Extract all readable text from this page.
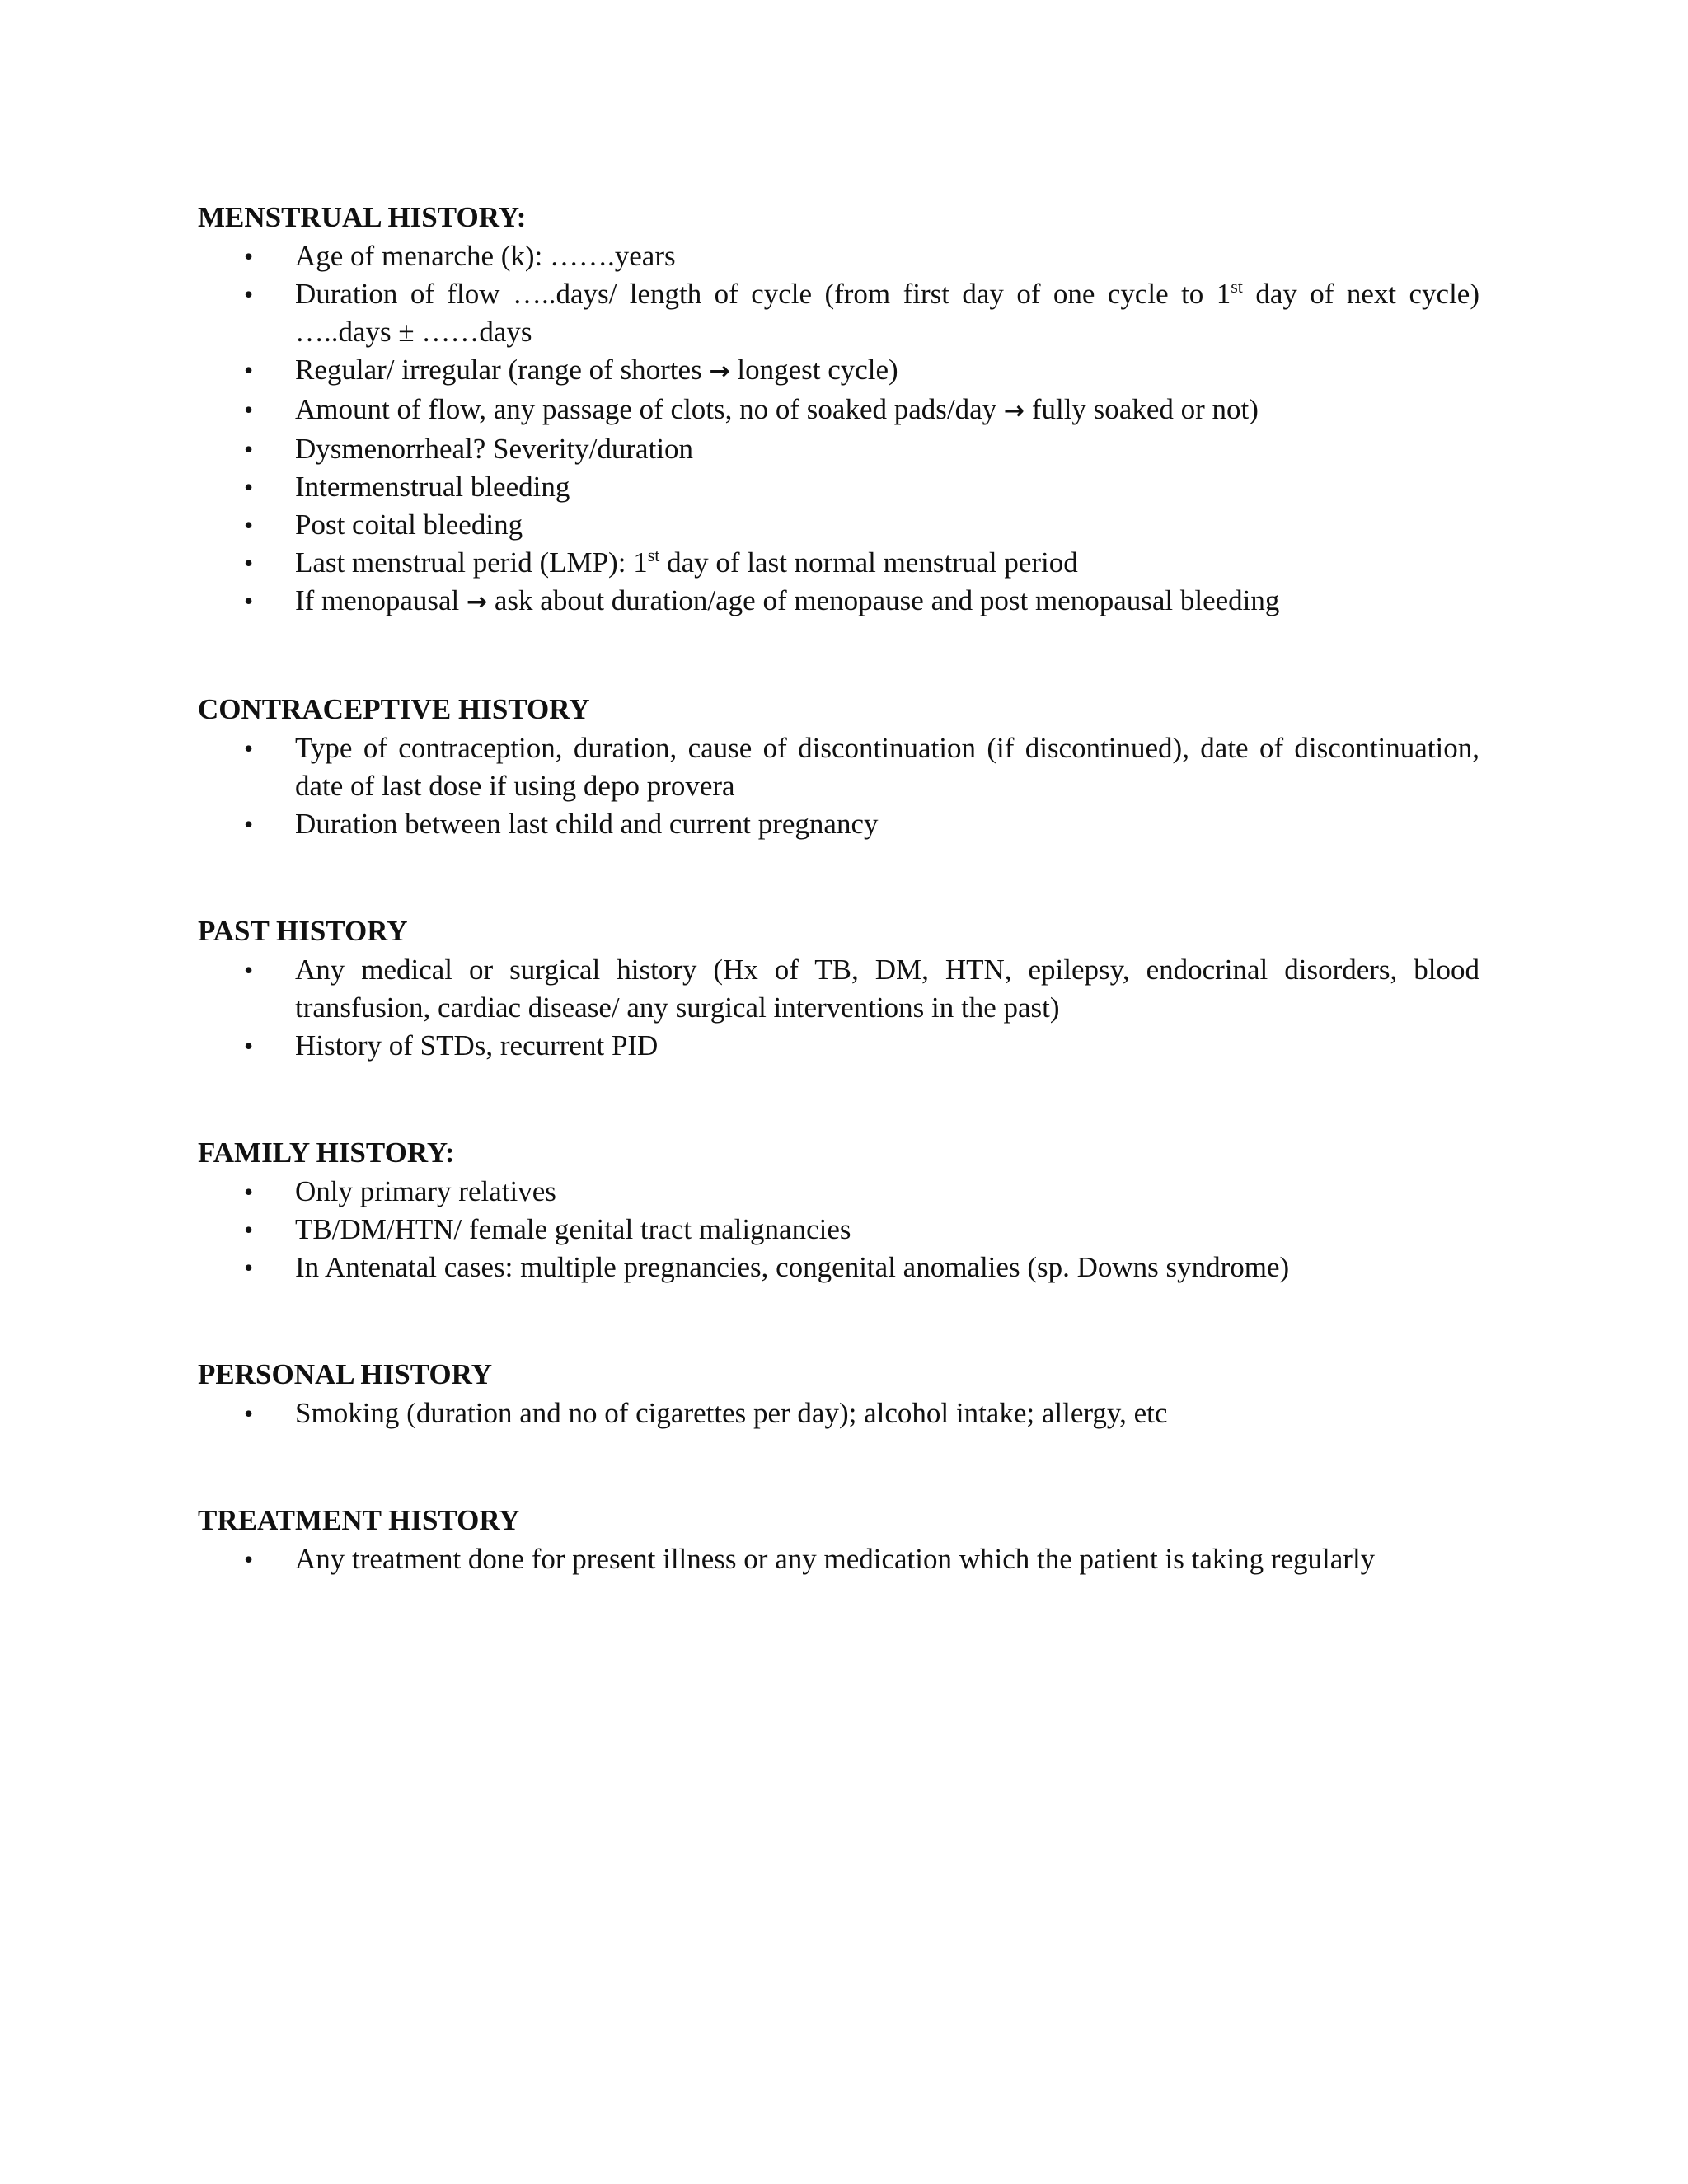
MENSTRUAL HISTORY:
• Age of menarche (k): …….years
• Duration of flow …..days/ length of cycle (from first day of one cycle to 1st day of next cycle) …..days ± ……days
• Regular/ irregular (range of shortes → longest cycle)
• Amount of flow, any passage of clots, no of soaked pads/day → fully soaked or not)
• Dysmenorrheal? Severity/duration
• Intermenstrual bleeding
• Post coital bleeding
• Last menstrual perid (LMP): 1st day of last normal menstrual period
• If menopausal → ask about duration/age of menopause and post menopausal bleeding
CONTRACEPTIVE HISTORY
• Type of contraception, duration, cause of discontinuation (if discontinued), date of discontinuation, date of last dose if using depo provera
• Duration between last child and current pregnancy
PAST HISTORY
• Any medical or surgical history (Hx of TB, DM, HTN, epilepsy, endocrinal disorders, blood transfusion, cardiac disease/ any surgical interventions in the past)
• History of STDs, recurrent PID
FAMILY HISTORY:
• Only primary relatives
• TB/DM/HTN/ female genital tract malignancies
• In Antenatal cases: multiple pregnancies, congenital anomalies (sp. Downs syndrome)
PERSONAL HISTORY
• Smoking (duration and no of cigarettes per day); alcohol intake; allergy, etc
TREATMENT HISTORY
• Any treatment done for present illness or any medication which the patient is taking regularly
